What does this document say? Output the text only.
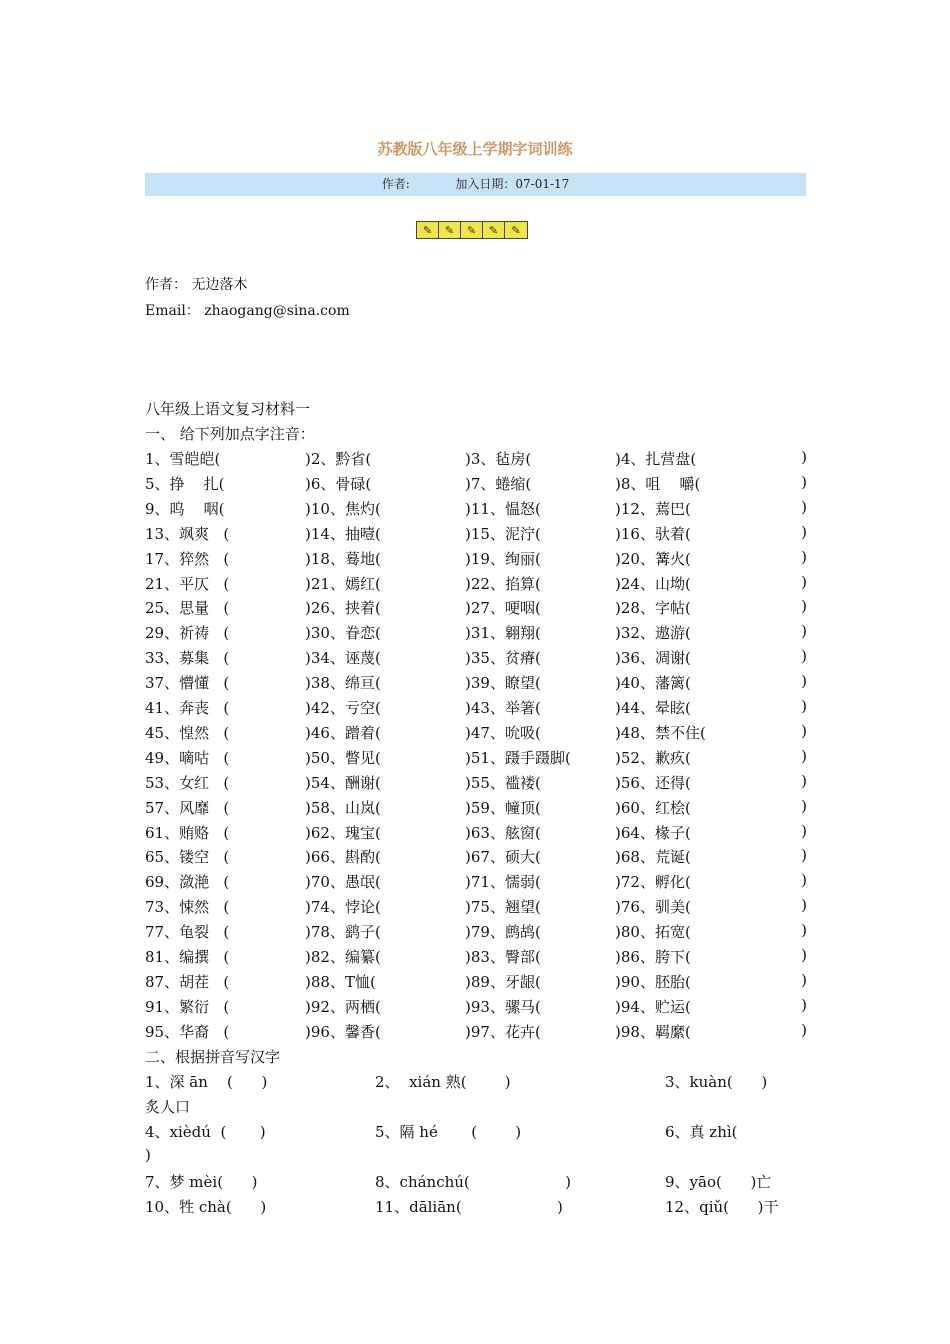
苏教版八年级上学期字词训练
作者:	加入日期：07-01-17
✎	✎	✎	✎	✎
作者： 无边落木
Email： zhaogang@sina.com
八年级上语文复习材料一
一、 给下列加点字注音：
1、雪皑皑(	)2、黔省(	)3、毡房(	)4、扎营盘(	)
5、挣    扎(	)6、骨碌(	)7、蜷缩(	)8、咀    嚼(	)
9、呜    咽(	)10、焦灼(	)11、愠怒(	)12、蔫巴(	)
13、飒爽   (	)14、抽噎(	)15、泥泞(	)16、驮着(	)
17、猝然   (	)18、蓦地(	)19、绚丽(	)20、篝火(	)
21、平仄   (	)21、嫣红(	)22、掐算(	)24、山坳(	)
25、思量   (	)26、挟着(	)27、哽咽(	)28、字帖(	)
29、祈祷   (	)30、眷恋(	)31、翱翔(	)32、遨游(	)
33、募集   (	)34、诬蔑(	)35、贫瘠(	)36、凋谢(	)
37、懵懂   (	)38、绵亘(	)39、瞭望(	)40、藩篱(	)
41、奔丧   (	)42、亏空(	)43、举箸(	)44、晕眩(	)
45、惶然   (	)46、蹭着(	)47、吮吸(	)48、禁不住(	)
49、嘀咕   (	)50、瞥见(	)51、蹑手蹑脚(	)52、歉疚(	)
53、女红   (	)54、酬谢(	)55、褴褛(	)56、还得(	)
57、风靡   (	)58、山岚(	)59、幢顶(	)60、红桧(	)
61、贿赂   (	)62、瑰宝(	)63、舷窗(	)64、椽子(	)
65、镂空   (	)66、斟酌(	)67、硕大(	)68、荒诞(	)
69、潋滟   (	)70、愚氓(	)71、懦弱(	)72、孵化(	)
73、悚然   (	)74、悖论(	)75、翘望(	)76、驯美(	)
77、龟裂   (	)78、鹞子(	)79、鹧鸪(	)80、拓宽(	)
81、编撰   (	)82、编纂(	)83、臀部(	)86、胯下(	)
87、胡茬   (	)88、T恤(	)89、牙龈(	)90、胚胎(	)
91、繁衍   (	)92、两栖(	)93、骡马(	)94、贮运(	)
95、华裔   (	)96、馨香(	)97、花卉(	)98、羁縻(	)
二、根据拼音写汉字
1、深 ān    (      )	2、  xián 熟(        )	3、kuàn(      )
炙人口
4、xièdú  (       )	5、隔 hé       (        )	6、真 zhì(
)
7、梦 mèi(      )	8、chánchú(                    )	9、yāo(      )亡
10、牲 chà(      )	11、dāliān(                    )	12、qiǔ(      )干
